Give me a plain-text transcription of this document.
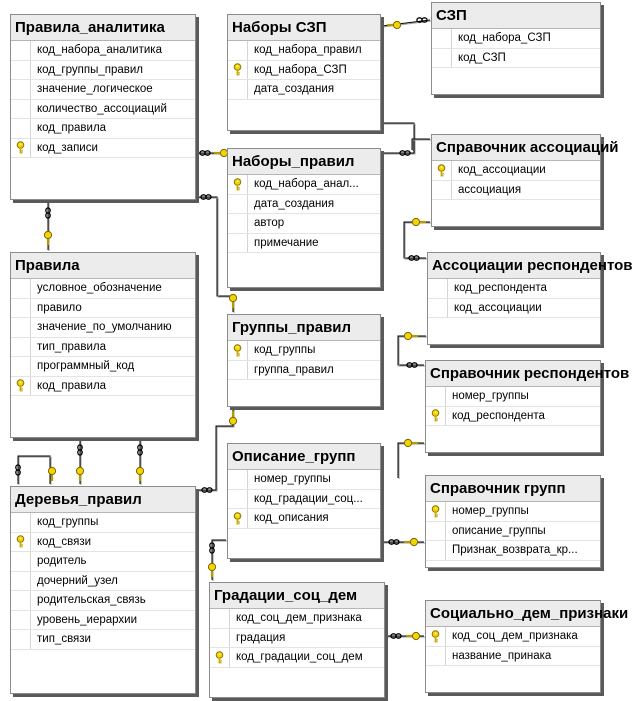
Правила_аналитика
код_набора_аналитика
код_группы_правил
значение_логическое
количество_ассоциаций
код_правила
код_записи
Наборы СЗП
код_набора_правил
код_набора_СЗП
дата_создания
СЗП
код_набора_СЗП
код_СЗП
Справочник ассоциаций
код_ассоциации
ассоциация
Наборы_правил
код_набора_анал...
дата_создания
автор
примечание
Ассоциации респондентов
код_респондента
код_ассоциации
Правила
условное_обозначение
правило
значение_по_умолчанию
тип_правила
программный_код
код_правила
Группы_правил
код_группы
группа_правил	Справочник респондентов
номер_группы
код_респондента
Описание_групп
номер_группы
код_градации_соц...
код_описания
Справочник групп
номер_группы
описание_группы
Признак_возврата_кр...
Деревья_правил
код_группы
код_связи
родитель
дочерний_узел
родительская_связь
уровень_иерархии
тип_связи
Градации_соц_дем
код_соц_дем_признака
градация
код_градации_соц_дем
Социально_дем_признаки
код_соц_дем_признака
название_принака
